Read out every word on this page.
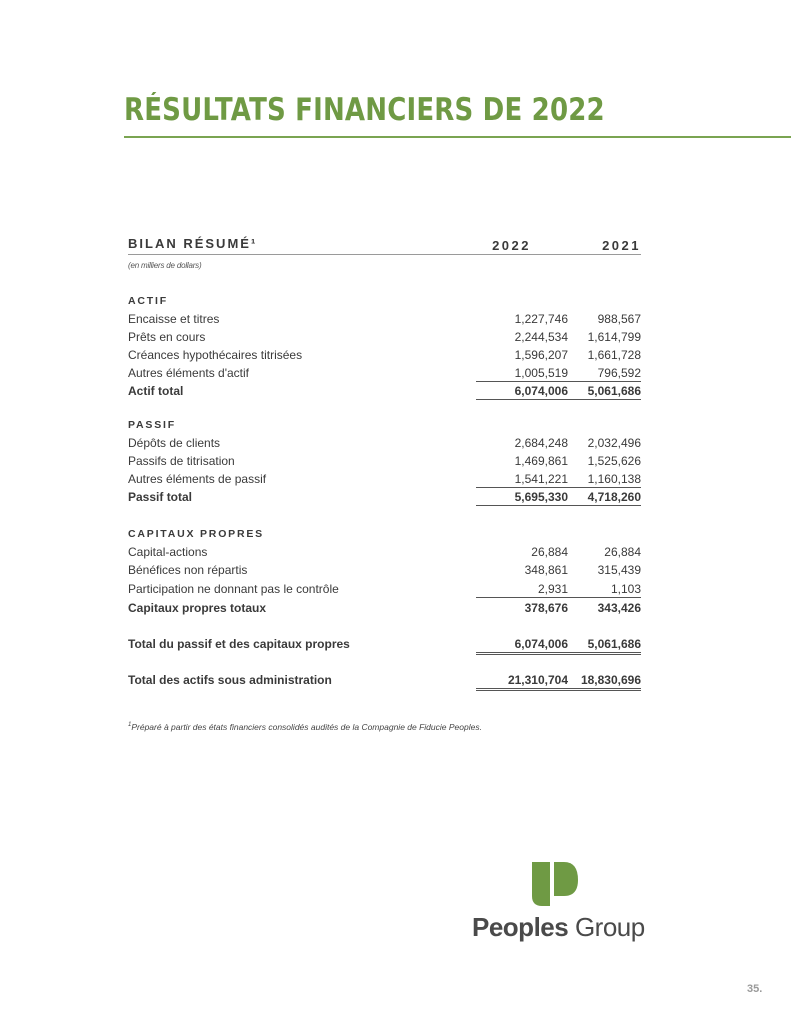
RÉSULTATS FINANCIERS DE 2022
BILAN RÉSUMÉ¹	2022	2021
(en milliers de dollars)
ACTIF
Encaisse et titres	1,227,746	988,567
Prêts en cours	2,244,534	1,614,799
Créances hypothécaires titrisées	1,596,207	1,661,728
Autres éléments d'actif	1,005,519	796,592
Actif total	6,074,006	5,061,686
PASSIF
Dépôts de clients	2,684,248	2,032,496
Passifs de titrisation	1,469,861	1,525,626
Autres éléments de passif	1,541,221	1,160,138
Passif total	5,695,330	4,718,260
CAPITAUX PROPRES
Capital-actions	26,884	26,884
Bénéfices non répartis	348,861	315,439
Participation ne donnant pas le contrôle	2,931	1,103
Capitaux propres totaux	378,676	343,426
Total du passif et des capitaux propres	6,074,006	5,061,686
Total des actifs sous administration	21,310,704	18,830,696
$^1$Préparé à partir des états financiers consolidés audités de la Compagnie de Fiducie Peoples.
Peoples Group
35.
